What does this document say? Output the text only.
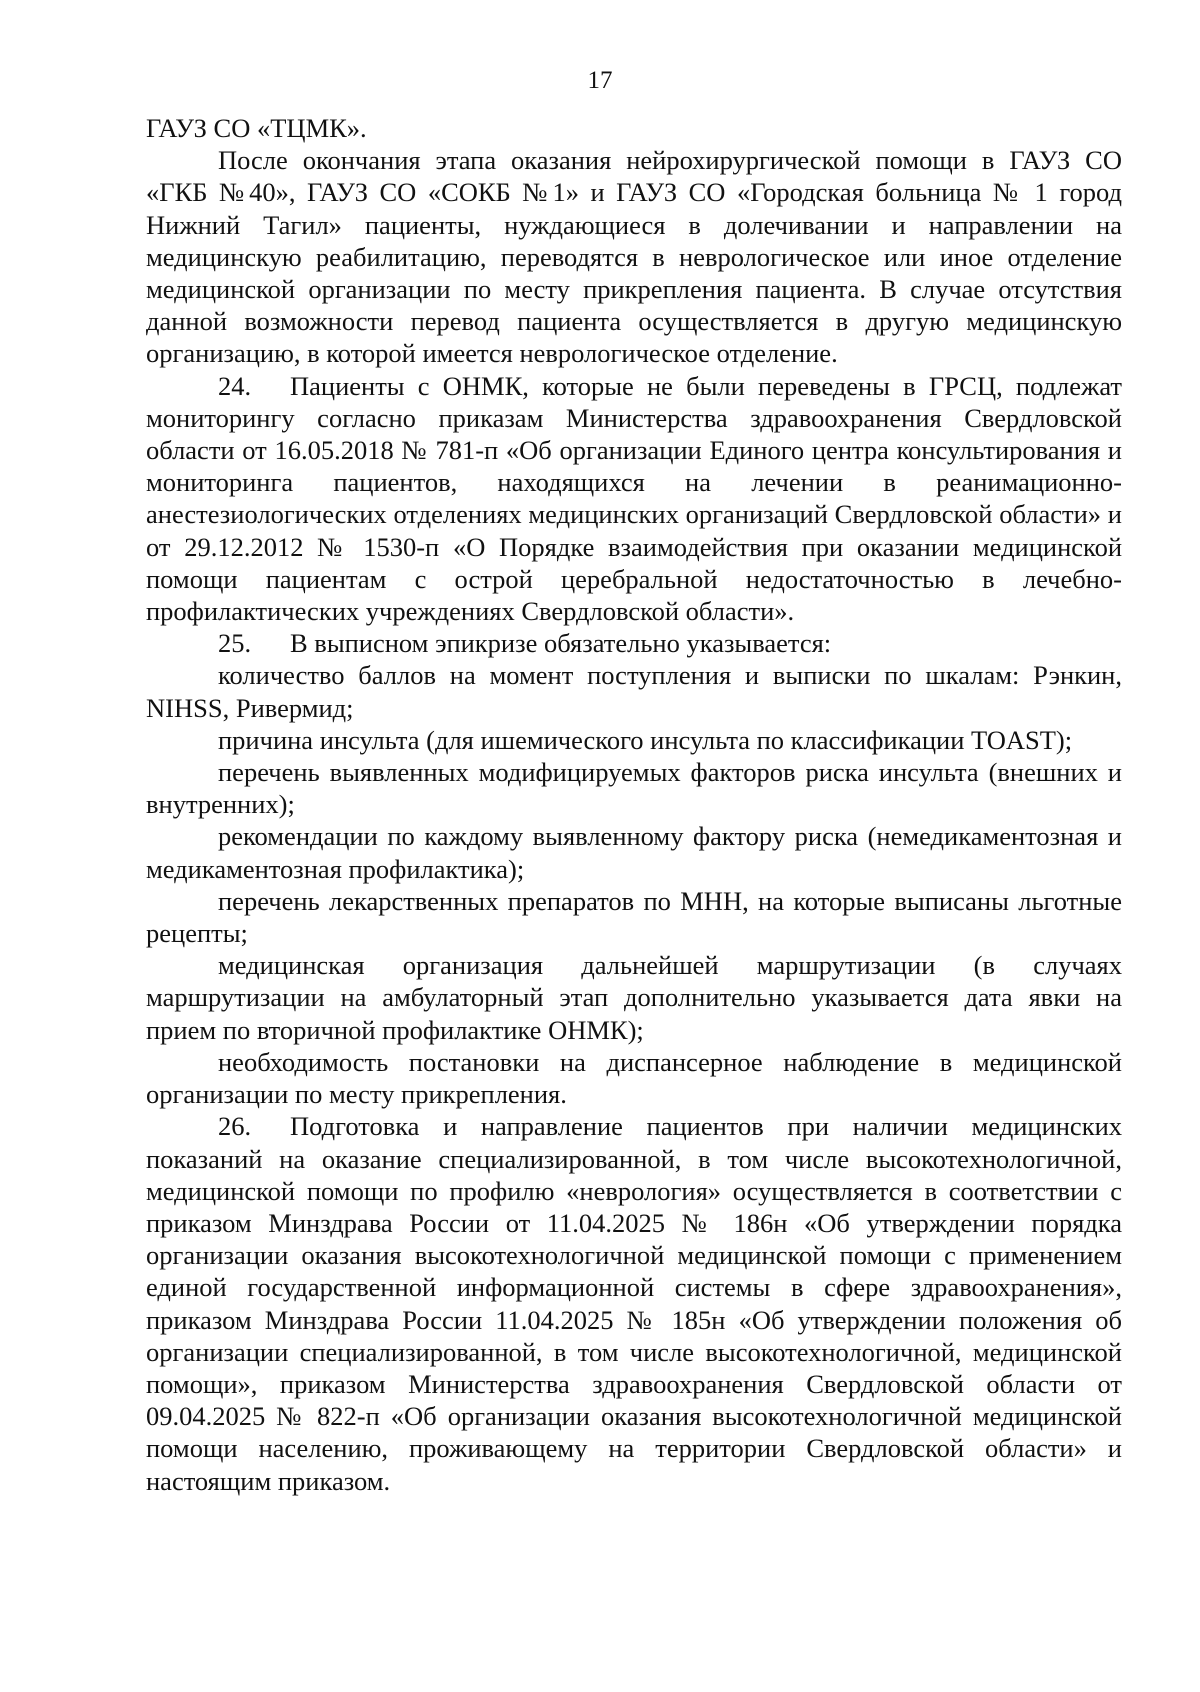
17

ГАУЗ СО «ТЦМК».

После окончания этапа оказания нейрохирургической помощи в ГАУЗ СО «ГКБ №40», ГАУЗ СО «СОКБ №1» и ГАУЗ СО «Городская больница № 1 город Нижний Тагил» пациенты, нуждающиеся в долечивании и направлении на медицинскую реабилитацию, переводятся в неврологическое или иное отделение медицинской организации по месту прикрепления пациента. В случае отсутствия данной возможности перевод пациента осуществляется в другую медицинскую организацию, в которой имеется неврологическое отделение.

24. Пациенты с ОНМК, которые не были переведены в ГРСЦ, подлежат мониторингу согласно приказам Министерства здравоохранения Свердловской области от 16.05.2018 № 781-п «Об организации Единого центра консультирования и мониторинга пациентов, находящихся на лечении в реанимационно-анестезиологических отделениях медицинских организаций Свердловской области» и от 29.12.2012 № 1530-п «О Порядке взаимодействия при оказании медицинской помощи пациентам с острой церебральной недостаточностью в лечебно-профилактических учреждениях Свердловской области».

25. В выписном эпикризе обязательно указывается:

количество баллов на момент поступления и выписки по шкалам: Рэнкин, NIHSS, Ривермид;

причина инсульта (для ишемического инсульта по классификации TOAST);

перечень выявленных модифицируемых факторов риска инсульта (внешних и внутренних);

рекомендации по каждому выявленному фактору риска (немедикаментозная и медикаментозная профилактика);

перечень лекарственных препаратов по МНН, на которые выписаны льготные рецепты;

медицинская организация дальнейшей маршрутизации (в случаях маршрутизации на амбулаторный этап дополнительно указывается дата явки на прием по вторичной профилактике ОНМК);

необходимость постановки на диспансерное наблюдение в медицинской организации по месту прикрепления.

26. Подготовка и направление пациентов при наличии медицинских показаний на оказание специализированной, в том числе высокотехнологичной, медицинской помощи по профилю «неврология» осуществляется в соответствии с приказом Минздрава России от 11.04.2025 № 186н «Об утверждении порядка организации оказания высокотехнологичной медицинской помощи с применением единой государственной информационной системы в сфере здравоохранения», приказом Минздрава России 11.04.2025 № 185н «Об утверждении положения об организации специализированной, в том числе высокотехнологичной, медицинской помощи», приказом Министерства здравоохранения Свердловской области от 09.04.2025 № 822-п «Об организации оказания высокотехнологичной медицинской помощи населению, проживающему на территории Свердловской области» и настоящим приказом.
